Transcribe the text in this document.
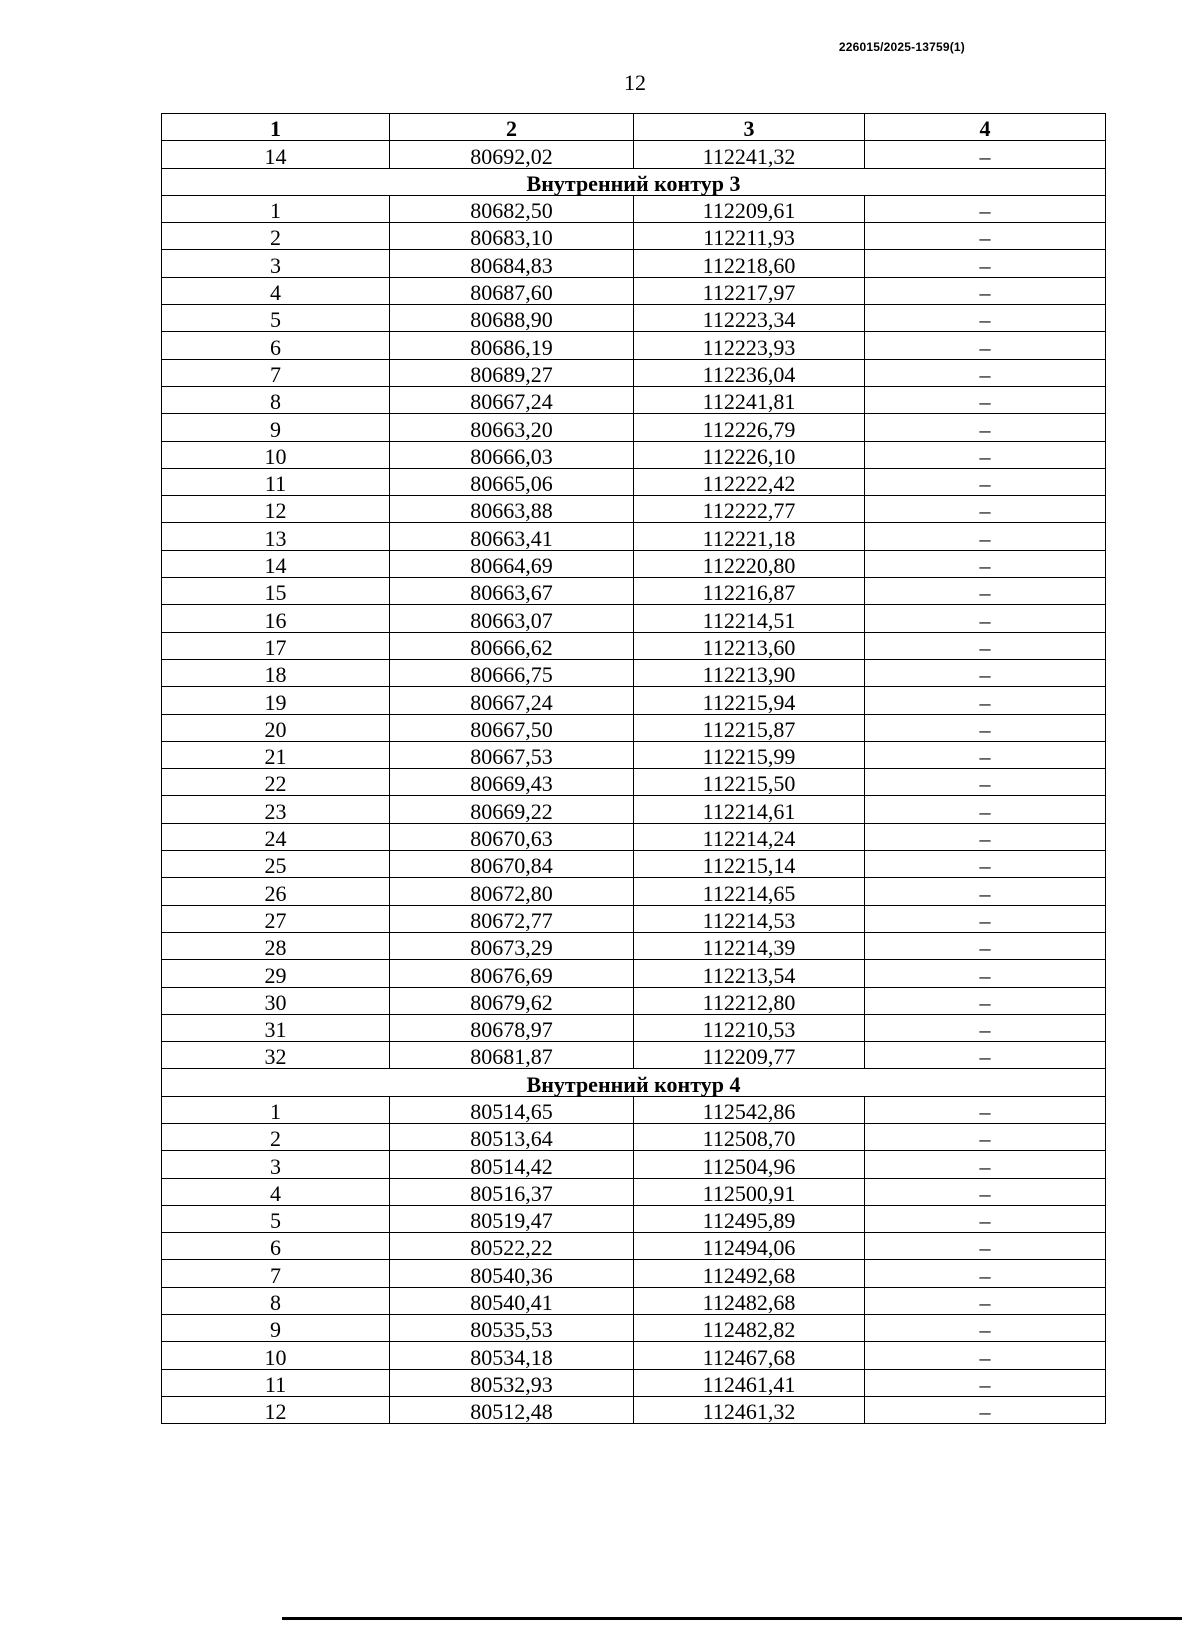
226015/2025-13759(1)
12
1	2	3	4
14	80692,02	112241,32	–
Внутренний контур 3			
1	80682,50	112209,61	–
2	80683,10	112211,93	–
3	80684,83	112218,60	–
4	80687,60	112217,97	–
5	80688,90	112223,34	–
6	80686,19	112223,93	–
7	80689,27	112236,04	–
8	80667,24	112241,81	–
9	80663,20	112226,79	–
10	80666,03	112226,10	–
11	80665,06	112222,42	–
12	80663,88	112222,77	–
13	80663,41	112221,18	–
14	80664,69	112220,80	–
15	80663,67	112216,87	–
16	80663,07	112214,51	–
17	80666,62	112213,60	–
18	80666,75	112213,90	–
19	80667,24	112215,94	–
20	80667,50	112215,87	–
21	80667,53	112215,99	–
22	80669,43	112215,50	–
23	80669,22	112214,61	–
24	80670,63	112214,24	–
25	80670,84	112215,14	–
26	80672,80	112214,65	–
27	80672,77	112214,53	–
28	80673,29	112214,39	–
29	80676,69	112213,54	–
30	80679,62	112212,80	–
31	80678,97	112210,53	–
32	80681,87	112209,77	–
Внутренний контур 4			
1	80514,65	112542,86	–
2	80513,64	112508,70	–
3	80514,42	112504,96	–
4	80516,37	112500,91	–
5	80519,47	112495,89	–
6	80522,22	112494,06	–
7	80540,36	112492,68	–
8	80540,41	112482,68	–
9	80535,53	112482,82	–
10	80534,18	112467,68	–
11	80532,93	112461,41	–
12	80512,48	112461,32	–
